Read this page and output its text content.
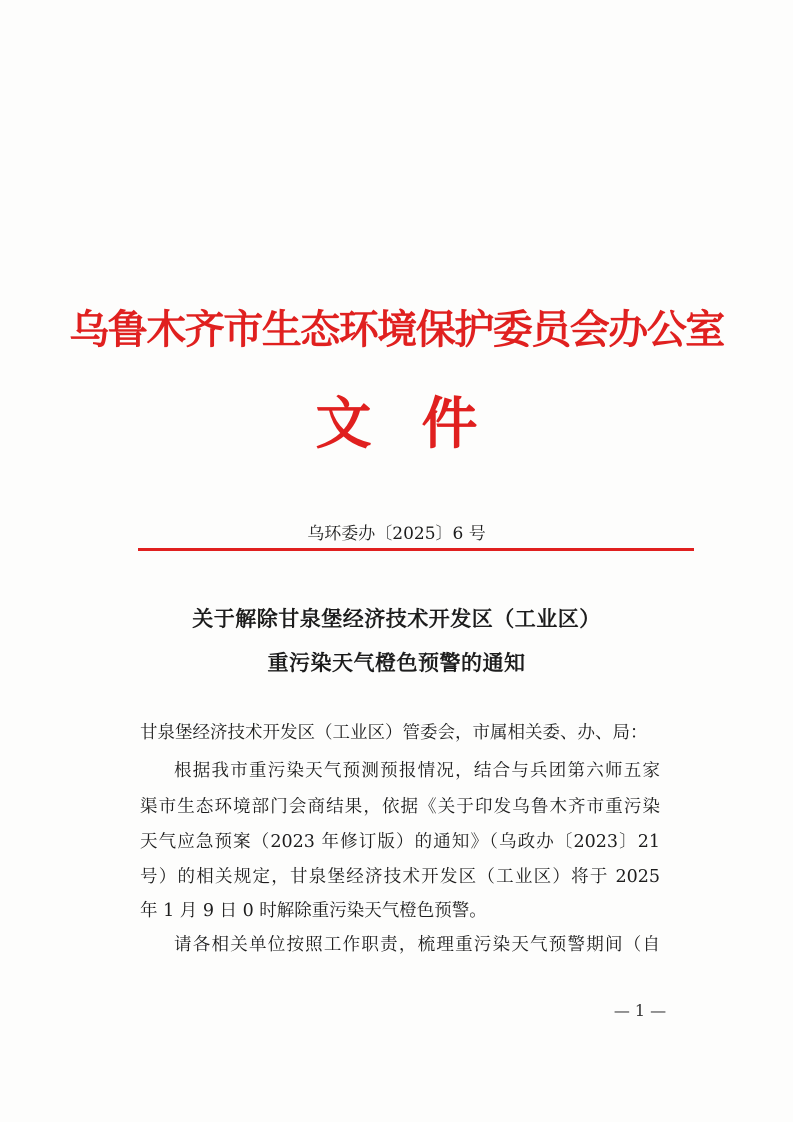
乌鲁木齐市生态环境保护委员会办公室
文件
乌环委办〔2025〕6 号
关于解除甘泉堡经济技术开发区（工业区）
重污染天气橙色预警的通知
甘泉堡经济技术开发区（工业区）管委会，市属相关委、办、局：
根据我市重污染天气预测预报情况，结合与兵团第六师五家
渠市生态环境部门会商结果，依据《关于印发乌鲁木齐市重污染
天气应急预案（2023 年修订版）的通知》（乌政办〔2023〕21
号）的相关规定，甘泉堡经济技术开发区（工业区）将于 2025
年 1 月 9 日 0 时解除重污染天气橙色预警。
请各相关单位按照工作职责，梳理重污染天气预警期间（自
— 1 —
